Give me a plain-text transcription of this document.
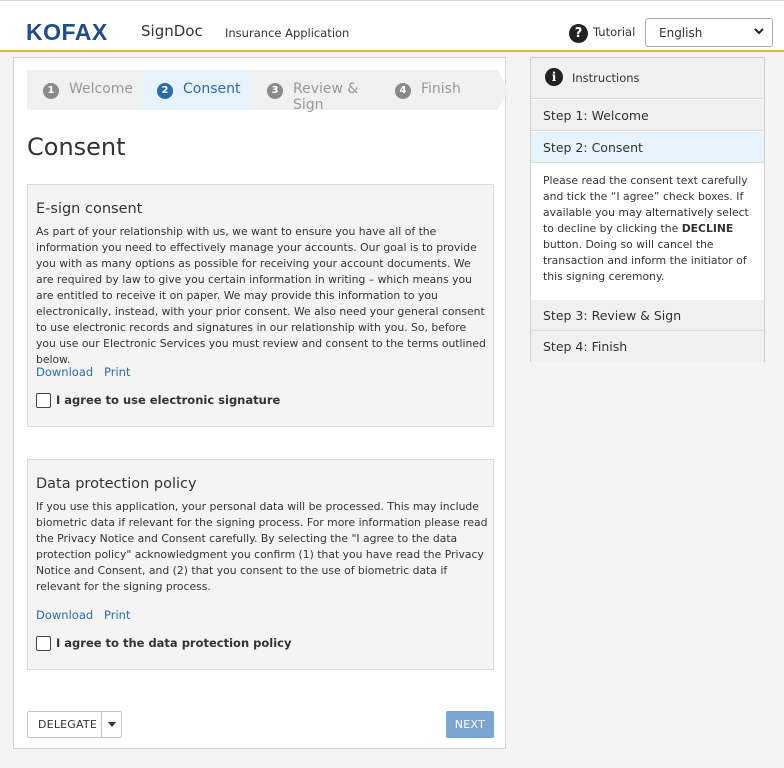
KOFAX SignDoc Insurance Application	? Tutorial English
1	Welcome	2	Consent	3	Review & Sign
4	Finish
Consent
E-sign consent

As part of your relationship with us, we want to ensure you have all of the information you need to effectively manage your accounts. Our goal is to provide you with as many options as possible for receiving your account documents. We are required by law to give you certain information in writing – which means you are entitled to receive it on paper. We may provide this information to you electronically, instead, with your prior consent. We also need your general consent to use electronic records and signatures in our relationship with you. So, before you use our Electronic Services you must review and consent to the terms outlined below.

Download Print
I agree to use electronic signature
Data protection policy

If you use this application, your personal data will be processed. This may include biometric data if relevant for the signing process. For more information please read the Privacy Notice and Consent carefully. By selecting the "I agree to the data protection policy" acknowledgment you confirm (1) that you have read the Privacy Notice and Consent, and (2) that you consent to the use of biometric data if relevant for the signing process.

Download Print
I agree to the data protection policy
DELEGATE	NEXT
i	Instructions
Step 1: Welcome
Step 2: Consent
Please read the consent text carefully and tick the “I agree” check boxes. If available you may alternatively select to decline by clicking the DECLINE button. Doing so will cancel the transaction and inform the initiator of this signing ceremony.
Step 3: Review & Sign
Step 4: Finish
